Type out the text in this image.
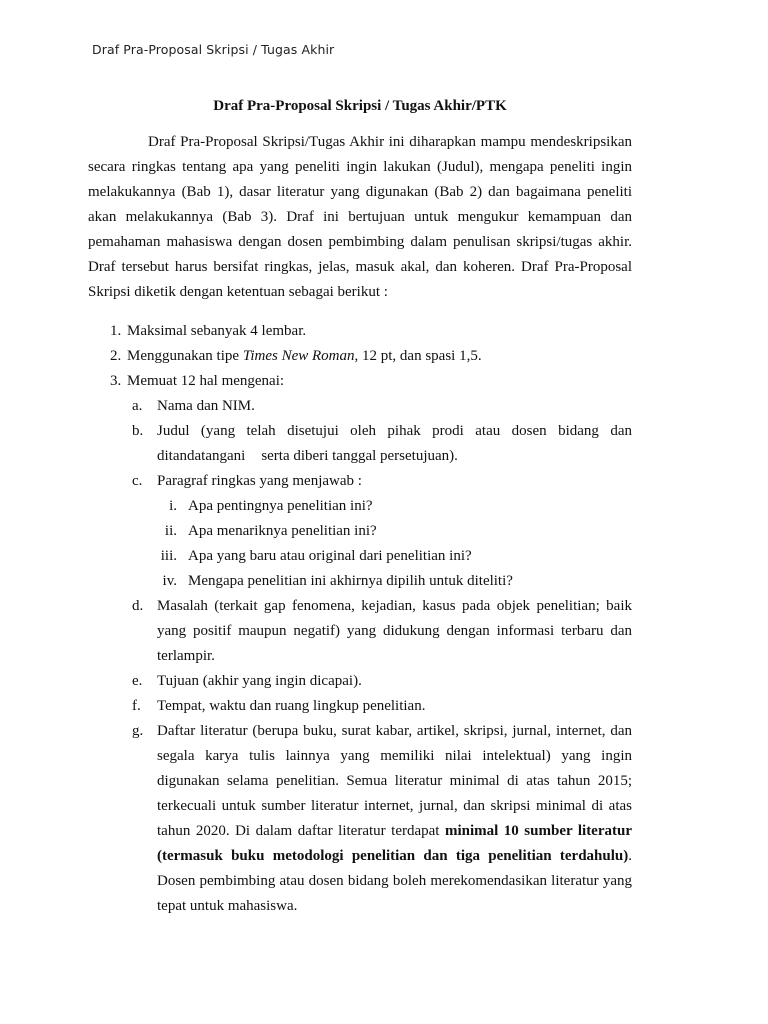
Draf Pra-Proposal Skripsi / Tugas Akhir
Draf Pra-Proposal Skripsi / Tugas Akhir/PTK

Draf Pra-Proposal Skripsi/Tugas Akhir ini diharapkan mampu mendeskripsikan secara ringkas tentang apa yang peneliti ingin lakukan (Judul), mengapa peneliti ingin melakukannya (Bab 1), dasar literatur yang digunakan (Bab 2) dan bagaimana peneliti akan melakukannya (Bab 3). Draf ini bertujuan untuk mengukur kemampuan dan pemahaman mahasiswa dengan dosen pembimbing dalam penulisan skripsi/tugas akhir. Draf tersebut harus bersifat ringkas, jelas, masuk akal, dan koheren. Draf Pra-Proposal Skripsi diketik dengan ketentuan sebagai berikut :

1. Maksimal sebanyak 4 lembar.
2. Menggunakan tipe Times New Roman, 12 pt, dan spasi 1,5.
3. Memuat 12 hal mengenai:
a. Nama dan NIM.
b. Judul (yang telah disetujui oleh pihak prodi atau dosen bidang dan ditandatangani serta diberi tanggal persetujuan).
c. Paragraf ringkas yang menjawab :
i. Apa pentingnya penelitian ini?
ii. Apa menariknya penelitian ini?
iii. Apa yang baru atau original dari penelitian ini?
iv. Mengapa penelitian ini akhirnya dipilih untuk diteliti?
d. Masalah (terkait gap fenomena, kejadian, kasus pada objek penelitian; baik yang positif maupun negatif) yang didukung dengan informasi terbaru dan terlampir.
e. Tujuan (akhir yang ingin dicapai).
f. Tempat, waktu dan ruang lingkup penelitian.
g. Daftar literatur (berupa buku, surat kabar, artikel, skripsi, jurnal, internet, dan segala karya tulis lainnya yang memiliki nilai intelektual) yang ingin digunakan selama penelitian. Semua literatur minimal di atas tahun 2015; terkecuali untuk sumber literatur internet, jurnal, dan skripsi minimal di atas tahun 2020. Di dalam daftar literatur terdapat minimal 10 sumber literatur (termasuk buku metodologi penelitian dan tiga penelitian terdahulu). Dosen pembimbing atau dosen bidang boleh merekomendasikan literatur yang tepat untuk mahasiswa.
